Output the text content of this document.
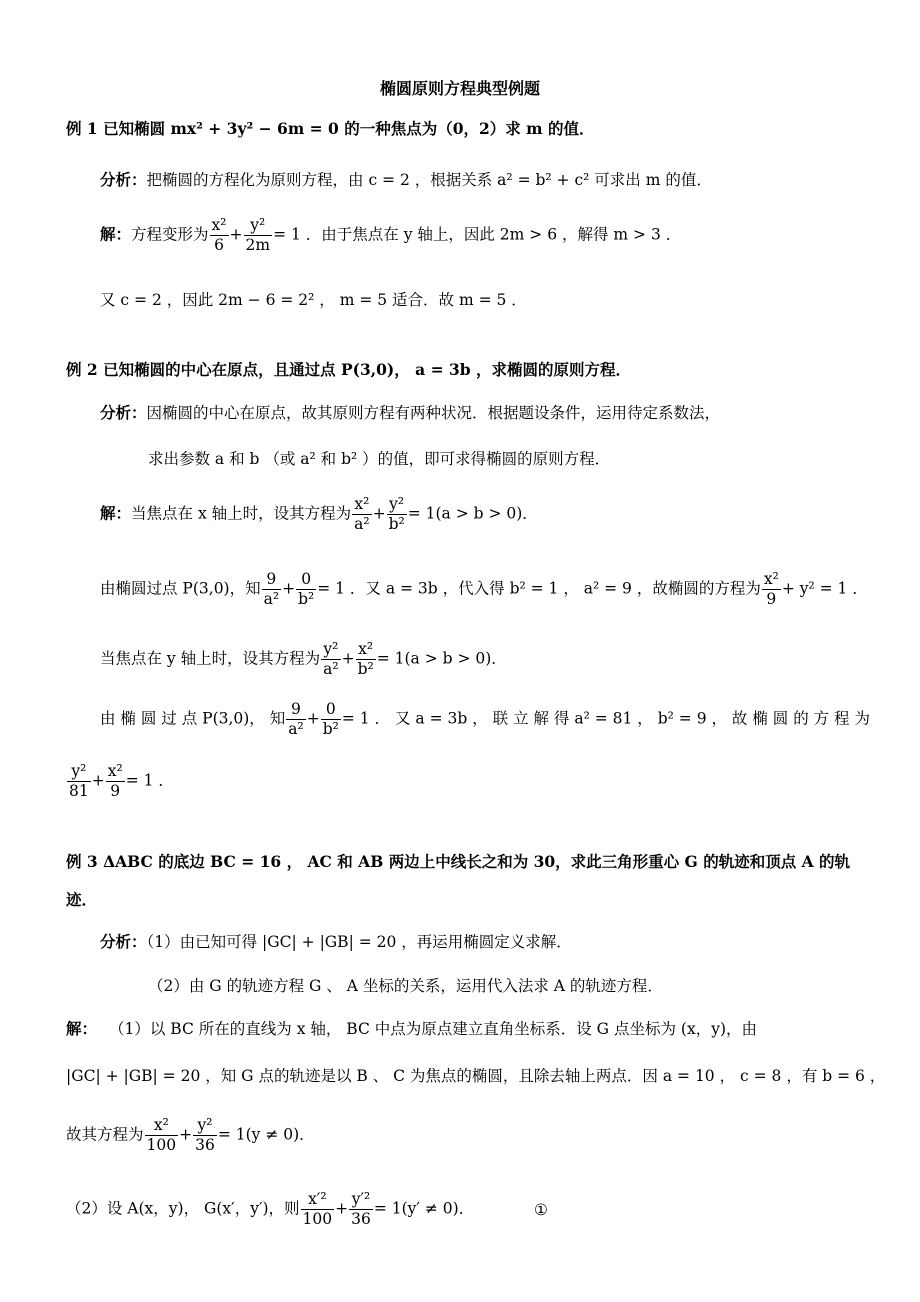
椭圆原则方程典型例题
例 1 已知椭圆 mx² + 3y² − 6m = 0 的一种焦点为（0，2）求 m 的值．
分析：把椭圆的方程化为原则方程，由 c = 2 ，根据关系 a² = b² + c² 可求出 m 的值．
解：方程变形为 $\frac{\text{x²}}{6} + \frac{\text{y²}}{2m} = 1$ ．由于焦点在 y 轴上，因此 2m > 6 ，解得 m > 3 ．
又 c = 2 ，因此 2m − 6 = 2² ， m = 5 适合．故 m = 5 ．
例 2 已知椭圆的中心在原点，且通过点 P(3,0)， a = 3b ，求椭圆的原则方程．
分析：因椭圆的中心在原点，故其原则方程有两种状况．根据题设条件，运用待定系数法，
求出参数 a 和 b （或 a² 和 b² ）的值，即可求得椭圆的原则方程．
解：当焦点在 x 轴上时，设其方程为 $\frac{\text{x²}}{\text{a²}} + \frac{\text{y²}}{\text{b²}} = 1(a > b > 0)$．
由椭圆过点 P(3,0)，知 $\frac{9}{\text{a²}} + \frac{0}{\text{b²}} = 1$ ．又 a = 3b ，代入得 b² = 1 ， a² = 9 ，故椭圆的方程为 $\frac{\text{x²}}{9} + y^2 = 1$ ．
当焦点在 y 轴上时，设其方程为 $\frac{\text{y²}}{\text{a²}} + \frac{\text{x²}}{\text{b²}} = 1(a > b > 0)$．
由 椭 圆 过 点 P(3,0)， 知 $\frac{9}{\text{a²}} + \frac{0}{\text{b²}} = 1$ ． 又 a = 3b ， 联 立 解 得 a² = 81 ， b² = 9 ， 故 椭 圆 的 方 程 为
$\frac{\text{y²}}{81} + \frac{\text{x²}}{9} = 1$ ．
例 3 ΔABC 的底边 BC = 16 ， AC 和 AB 两边上中线长之和为 30，求此三角形重心 G 的轨迹和顶点 A 的轨
迹．
分析：（1）由已知可得 |GC| + |GB| = 20 ，再运用椭圆定义求解．
（2）由 G 的轨迹方程 G 、 A 坐标的关系，运用代入法求 A 的轨迹方程．
解： （1）以 BC 所在的直线为 x 轴， BC 中点为原点建立直角坐标系．设 G 点坐标为 (x，y)，由
|GC| + |GB| = 20 ，知 G 点的轨迹是以 B 、 C 为焦点的椭圆，且除去轴上两点．因 a = 10 ， c = 8 ，有 b = 6 ，
故其方程为 $\frac{\text{x²}}{100} + \frac{\text{y²}}{36} = 1(y \ne 0)$．
（2）设 A(x，y)， G(x′，y′)，则 $\frac{\text{x′²}}{100} + \frac{\text{y′²}}{36} = 1(y' \ne 0)$．	①
